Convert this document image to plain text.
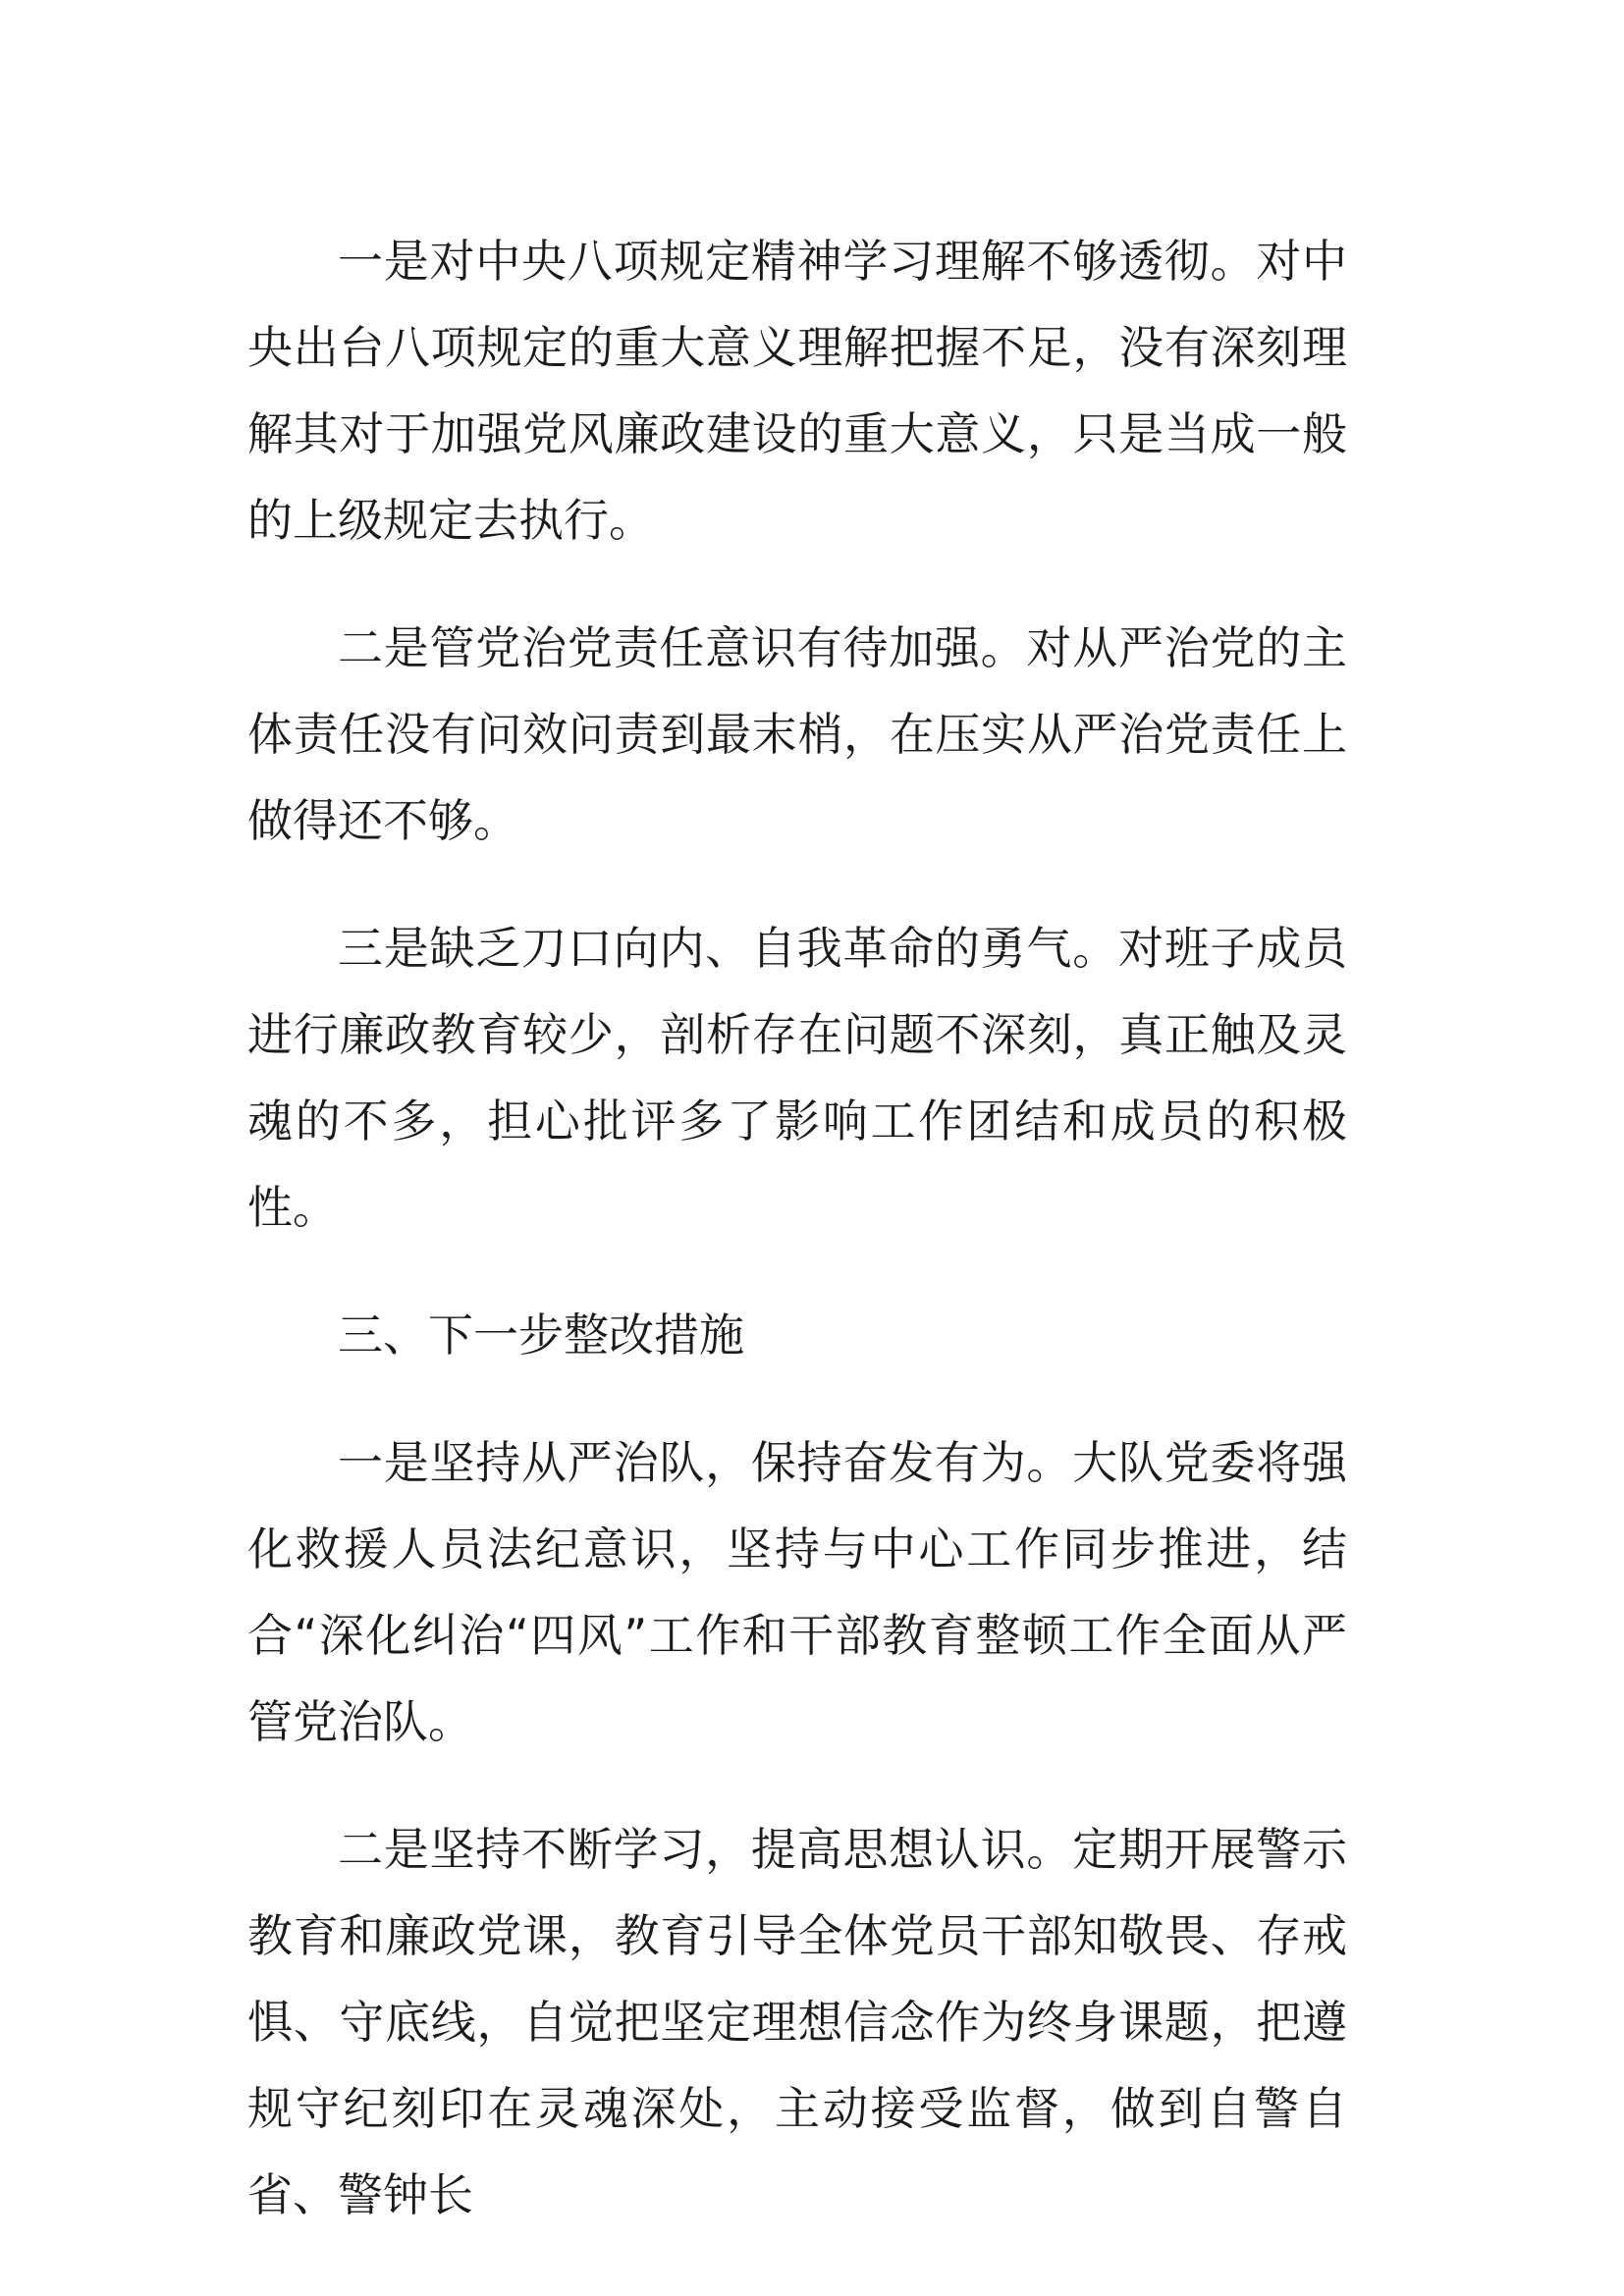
一是对中央八项规定精神学习理解不够透彻。对中央出台八项规定的重大意义理解把握不足，没有深刻理解其对于加强党风廉政建设的重大意义，只是当成一般的上级规定去执行。

二是管党治党责任意识有待加强。对从严治党的主体责任没有问效问责到最末梢，在压实从严治党责任上做得还不够。

三是缺乏刀口向内、自我革命的勇气。对班子成员进行廉政教育较少，剖析存在问题不深刻，真正触及灵魂的不多，担心批评多了影响工作团结和成员的积极性。

三、下一步整改措施

一是坚持从严治队，保持奋发有为。大队党委将强化救援人员法纪意识，坚持与中心工作同步推进，结合“深化纠治“四风”工作和干部教育整顿工作全面从严管党治队。

二是坚持不断学习，提高思想认识。定期开展警示教育和廉政党课，教育引导全体党员干部知敬畏、存戒惧、守底线，自觉把坚定理想信念作为终身课题，把遵规守纪刻印在灵魂深处，主动接受监督，做到自警自省、警钟长
